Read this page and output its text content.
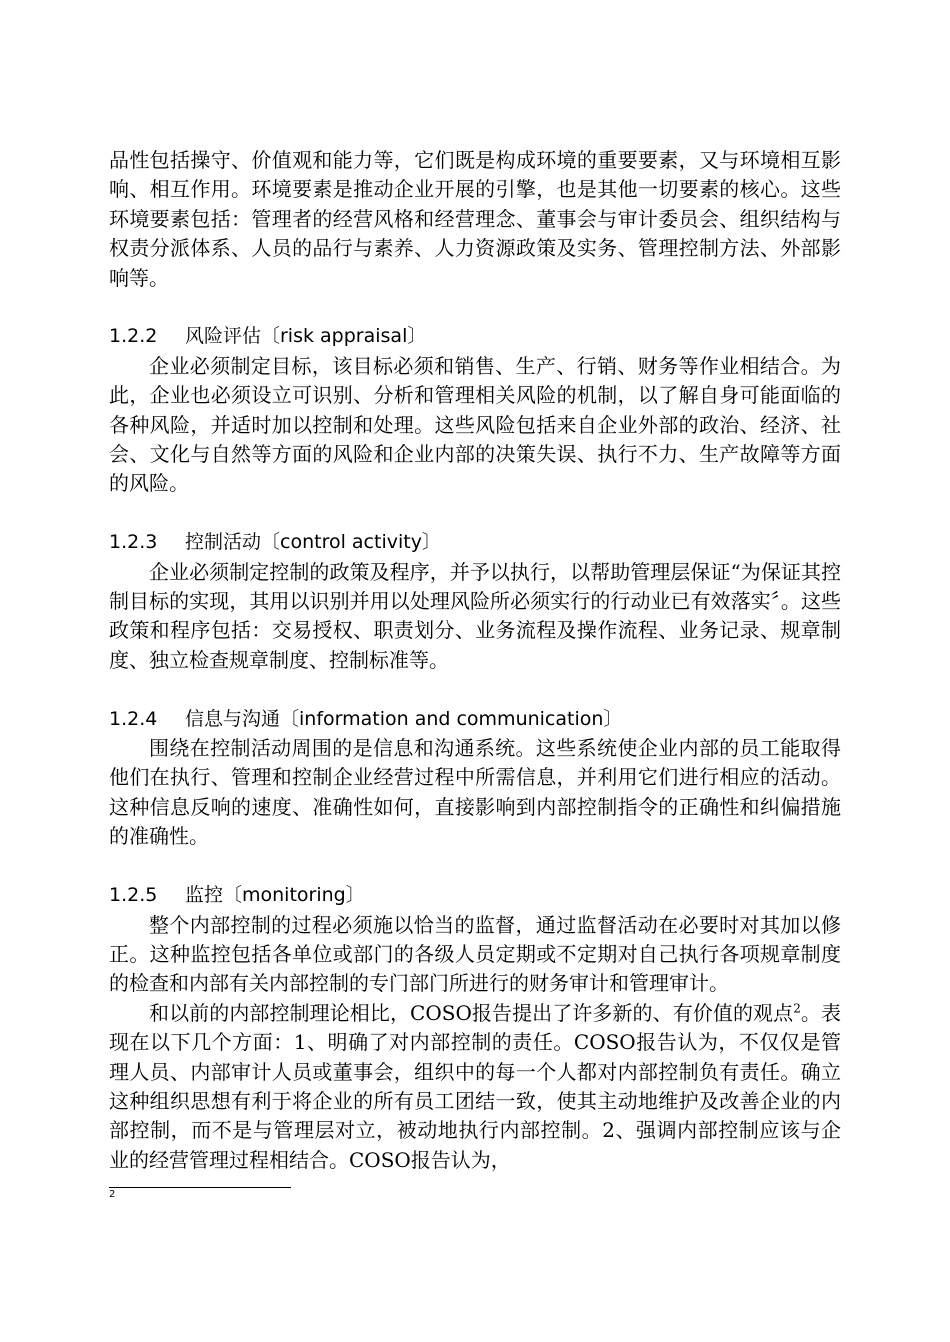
品性包括操守、价值观和能力等，它们既是构成环境的重要要素，又与环境相互影响、相互作用。环境要素是推动企业开展的引擎，也是其他一切要素的核心。这些环境要素包括：管理者的经营风格和经营理念、董事会与审计委员会、组织结构与权责分派体系、人员的品行与素养、人力资源政策及实务、管理控制方法、外部影响等。

1.2.2 风险评估〔risk appraisal〕

企业必须制定目标，该目标必须和销售、生产、行销、财务等作业相结合。为此，企业也必须设立可识别、分析和管理相关风险的机制，以了解自身可能面临的各种风险，并适时加以控制和处理。这些风险包括来自企业外部的政治、经济、社会、文化与自然等方面的风险和企业内部的决策失误、执行不力、生产故障等方面的风险。

1.2.3 控制活动〔control activity〕

企业必须制定控制的政策及程序，并予以执行，以帮助管理层保证“为保证其控制目标的实现，其用以识别并用以处理风险所必须实行的行动业已有效落实〞。这些政策和程序包括：交易授权、职责划分、业务流程及操作流程、业务记录、规章制度、独立检查规章制度、控制标准等。

1.2.4 信息与沟通〔information and communication〕

围绕在控制活动周围的是信息和沟通系统。这些系统使企业内部的员工能取得他们在执行、管理和控制企业经营过程中所需信息，并利用它们进行相应的活动。这种信息反响的速度、准确性如何，直接影响到内部控制指令的正确性和纠偏措施的准确性。

1.2.5 监控〔monitoring〕

整个内部控制的过程必须施以恰当的监督，通过监督活动在必要时对其加以修正。这种监控包括各单位或部门的各级人员定期或不定期对自己执行各项规章制度的检查和内部有关内部控制的专门部门所进行的财务审计和管理审计。

和以前的内部控制理论相比，COSO报告提出了许多新的、有价值的观点$^2$。表现在以下几个方面：1、明确了对内部控制的责任。COSO报告认为，不仅仅是管理人员、内部审计人员或董事会，组织中的每一个人都对内部控制负有责任。确立这种组织思想有利于将企业的所有员工团结一致，使其主动地维护及改善企业的内部控制，而不是与管理层对立，被动地执行内部控制。2、强调内部控制应该与企业的经营管理过程相结合。COSO报告认为，

2
